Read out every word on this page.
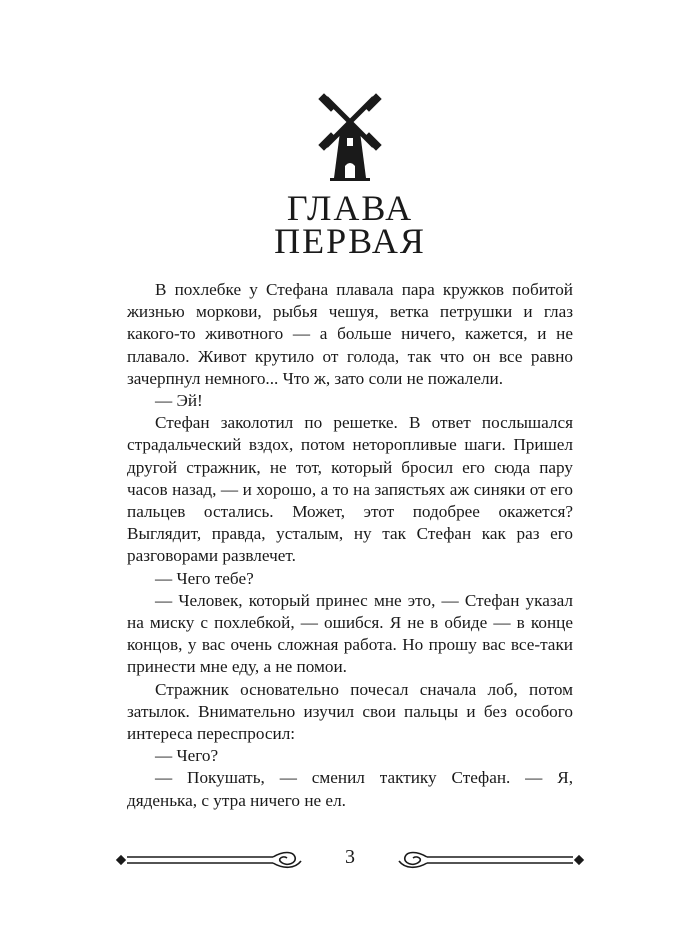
ГЛАВА
ПЕРВАЯ

В похлебке у Стефана плавала пара кружков побитой жизнью моркови, рыбья чешуя, ветка петрушки и глаз какого-то животного — а больше ничего, кажется, и не плавало. Живот крутило от голода, так что он все равно зачерпнул немного... Что ж, зато соли не пожалели.

— Эй!

Стефан заколотил по решетке. В ответ послышался страдальческий вздох, потом неторопливые шаги. Пришел другой стражник, не тот, который бросил его сюда пару часов назад, — и хорошо, а то на запястьях аж синяки от его пальцев остались. Может, этот подобрее окажется? Выглядит, правда, усталым, ну так Стефан как раз его разговорами развлечет.

— Чего тебе?

— Человек, который принес мне это, — Стефан указал на миску с похлебкой, — ошибся. Я не в обиде — в конце концов, у вас очень сложная работа. Но прошу вас все-таки принести мне еду, а не помои.

Стражник основательно почесал сначала лоб, потом затылок. Внимательно изучил свои пальцы и без особого интереса переспросил:

— Чего?

— Покушать, — сменил тактику Стефан. — Я, дяденька, с утра ничего не ел.

3
